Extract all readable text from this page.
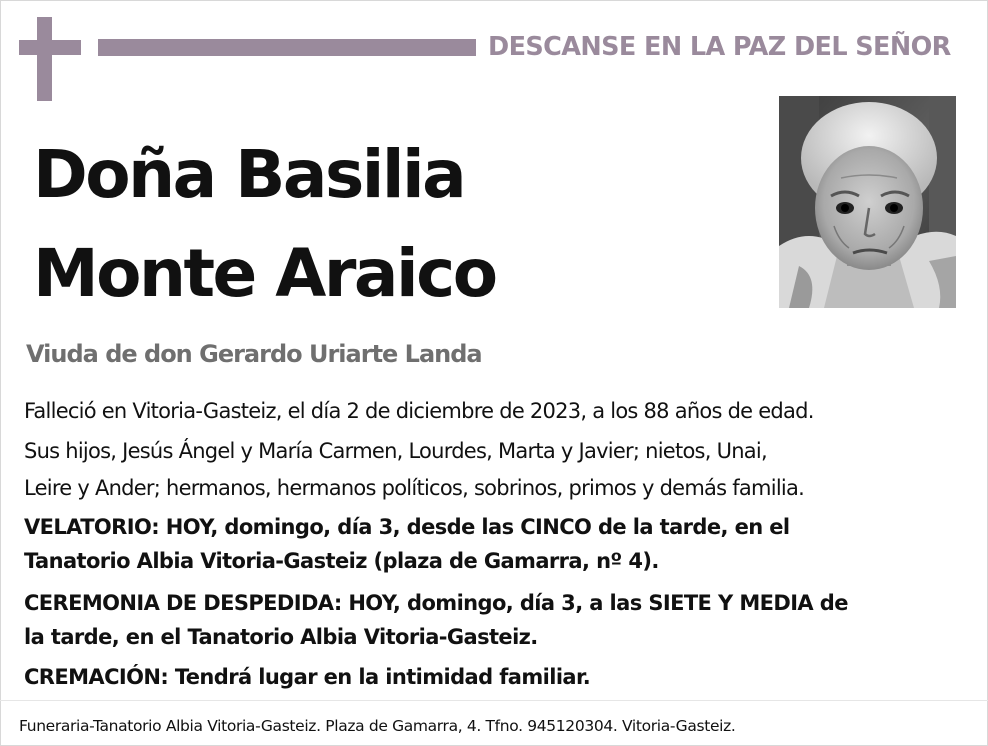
DESCANSE EN LA PAZ DEL SEÑOR
Doña Basilia
Monte Araico
Viuda de don Gerardo Uriarte Landa
Falleció en Vitoria-Gasteiz, el día 2 de diciembre de 2023, a los 88 años de edad.
Sus hijos, Jesús Ángel y María Carmen, Lourdes, Marta y Javier; nietos, Unai,
Leire y Ander; hermanos, hermanos políticos, sobrinos, primos y demás familia.
VELATORIO: HOY, domingo, día 3, desde las CINCO de la tarde, en el
Tanatorio Albia Vitoria-Gasteiz (plaza de Gamarra, nº 4).
CEREMONIA DE DESPEDIDA: HOY, domingo, día 3, a las SIETE Y MEDIA de
la tarde, en el Tanatorio Albia Vitoria-Gasteiz.
CREMACIÓN: Tendrá lugar en la intimidad familiar.
Funeraria-Tanatorio Albia Vitoria-Gasteiz. Plaza de Gamarra, 4. Tfno. 945120304. Vitoria-Gasteiz.
